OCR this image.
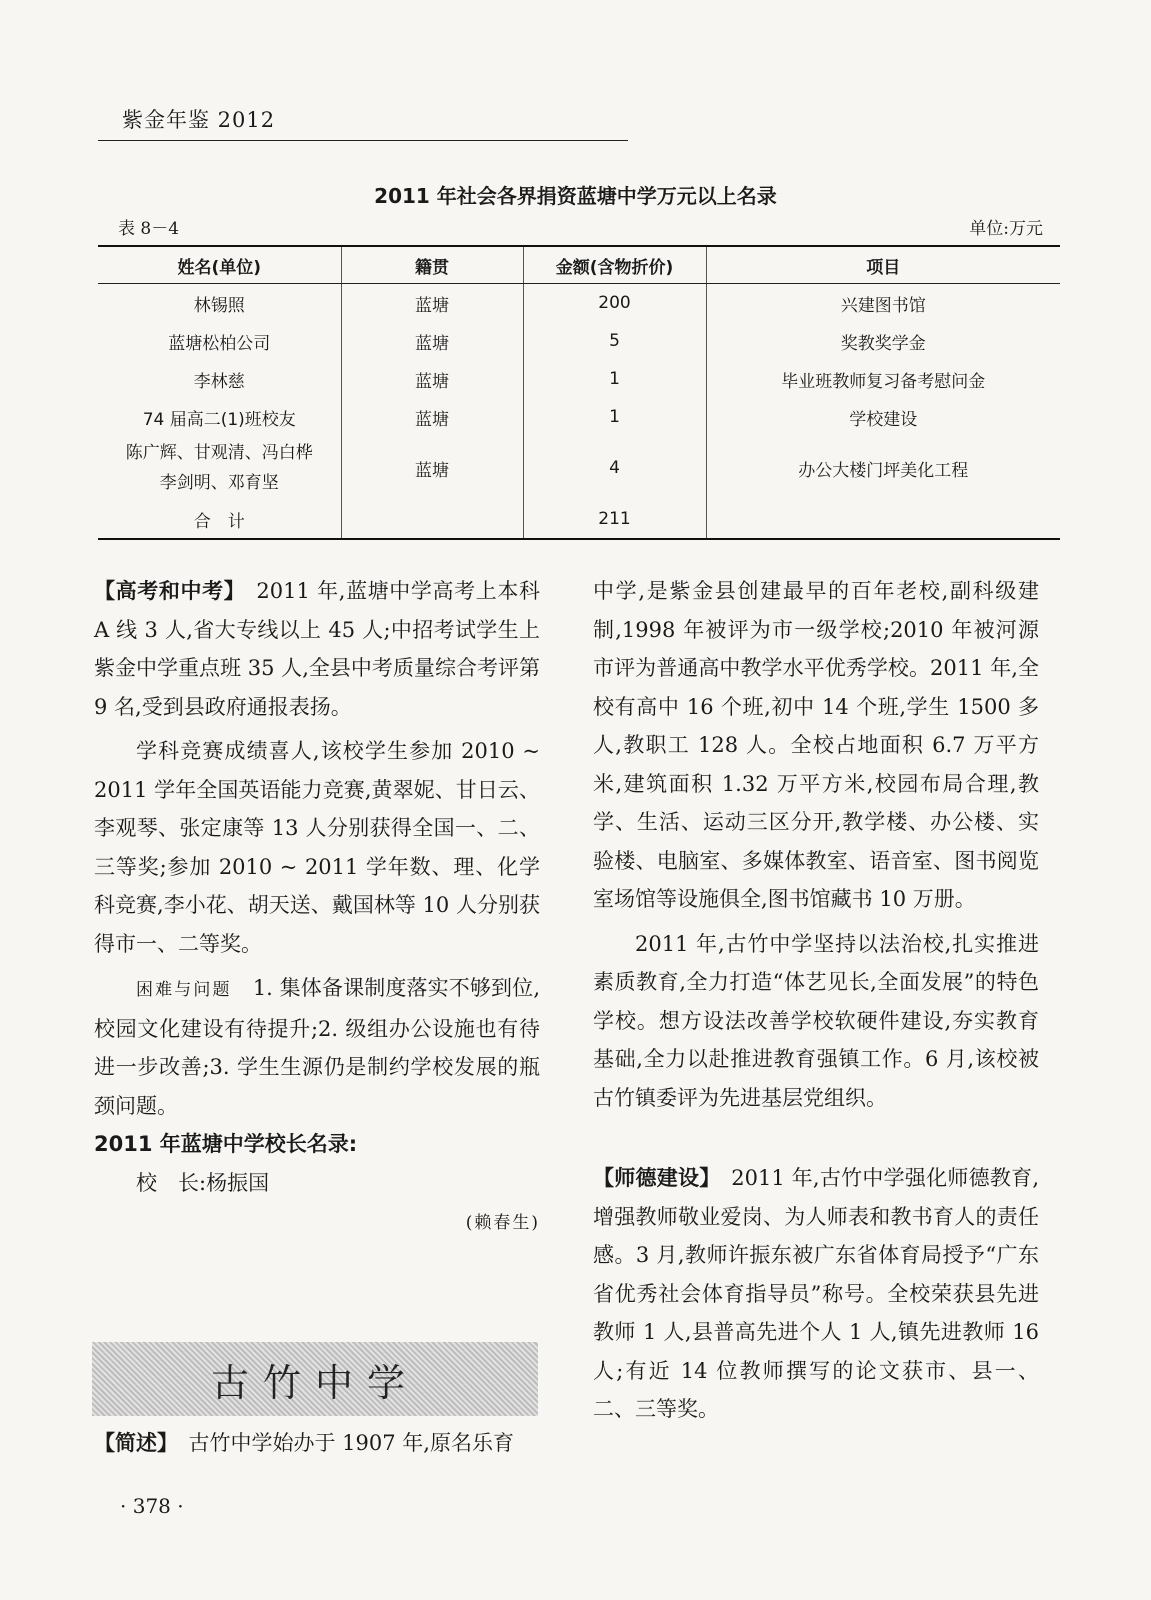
紫金年鉴 2012
2011 年社会各界捐资蓝塘中学万元以上名录
表 8－4	单位:万元
姓名(单位)	籍贯	金额(含物折价)	项目
林锡照	蓝塘	200	兴建图书馆
蓝塘松柏公司	蓝塘	5	奖教奖学金
李林慈	蓝塘	1	毕业班教师复习备考慰问金
74 届高二(1)班校友	蓝塘	1	学校建设

陈广辉、甘观清、冯白桦
李剑明、邓育坚	蓝塘	4	办公大楼门坪美化工程
合　计		211	

【高考和中考】　2011 年,蓝塘中学高考上本科 A 线 3 人,省大专线以上 45 人;中招考试学生上紫金中学重点班 35 人,全县中考质量综合考评第 9 名,受到县政府通报表扬。

学科竞赛成绩喜人,该校学生参加 2010 ~ 2011 学年全国英语能力竞赛,黄翠妮、甘日云、李观琴、张定康等 13 人分别获得全国一、二、三等奖;参加 2010 ~ 2011 学年数、理、化学科竞赛,李小花、胡天送、戴国林等 10 人分别获得市一、二等奖。

困难与问题　1. 集体备课制度落实不够到位,校园文化建设有待提升;2. 级组办公设施也有待进一步改善;3. 学生生源仍是制约学校发展的瓶颈问题。

2011 年蓝塘中学校长名录:

校　长:杨振国

(赖春生)

古竹中学

【简述】　古竹中学始办于 1907 年,原名乐育

中学,是紫金县创建最早的百年老校,副科级建制,1998 年被评为市一级学校;2010 年被河源市评为普通高中教学水平优秀学校。2011 年,全校有高中 16 个班,初中 14 个班,学生 1500 多人,教职工 128 人。全校占地面积 6.7 万平方米,建筑面积 1.32 万平方米,校园布局合理,教学、生活、运动三区分开,教学楼、办公楼、实验楼、电脑室、多媒体教室、语音室、图书阅览室场馆等设施俱全,图书馆藏书 10 万册。

2011 年,古竹中学坚持以法治校,扎实推进素质教育,全力打造“体艺见长,全面发展”的特色学校。想方设法改善学校软硬件建设,夯实教育基础,全力以赴推进教育强镇工作。6 月,该校被古竹镇委评为先进基层党组织。

【师德建设】　2011 年,古竹中学强化师德教育,增强教师敬业爱岗、为人师表和教书育人的责任感。3 月,教师许振东被广东省体育局授予“广东省优秀社会体育指导员”称号。全校荣获县先进教师 1 人,县普高先进个人 1 人,镇先进教师 16 人;有近 14 位教师撰写的论文获市、县一、二、三等奖。

· 378 ·
